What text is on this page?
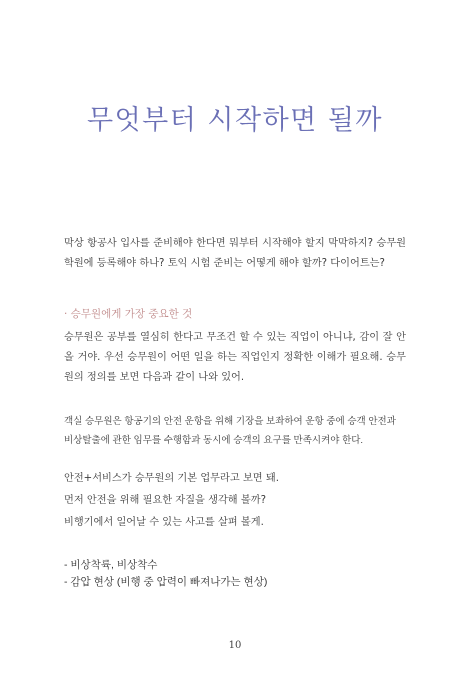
무엇부터 시작하면 될까

막상 항공사 입사를 준비해야 한다면 뭐부터 시작해야 할지 막막하지? 승무원 학원에 등록해야 하나? 토익 시험 준비는 어떻게 해야 할까? 다이어트는?

· 승무원에게 가장 중요한 것

승무원은 공부를 열심히 한다고 무조건 할 수 있는 직업이 아니냐, 감이 잘 안 올 거야. 우선 승무원이 어떤 일을 하는 직업인지 정확한 이해가 필요해. 승무원의 정의를 보면 다음과 같이 나와 있어.

객실 승무원은 항공기의 안전 운항을 위해 기장을 보좌하여 운항 중에 승객 안전과 비상탈출에 관한 임무를 수행함과 동시에 승객의 요구를 만족시켜야 한다.

안전+서비스가 승무원의 기본 업무라고 보면 돼.
먼저 안전을 위해 필요한 자질을 생각해 볼까?
비행기에서 일어날 수 있는 사고를 살펴 볼게.
- 비상착륙, 비상착수
- 감압 현상 (비행 중 압력이 빠져나가는 현상)
10
